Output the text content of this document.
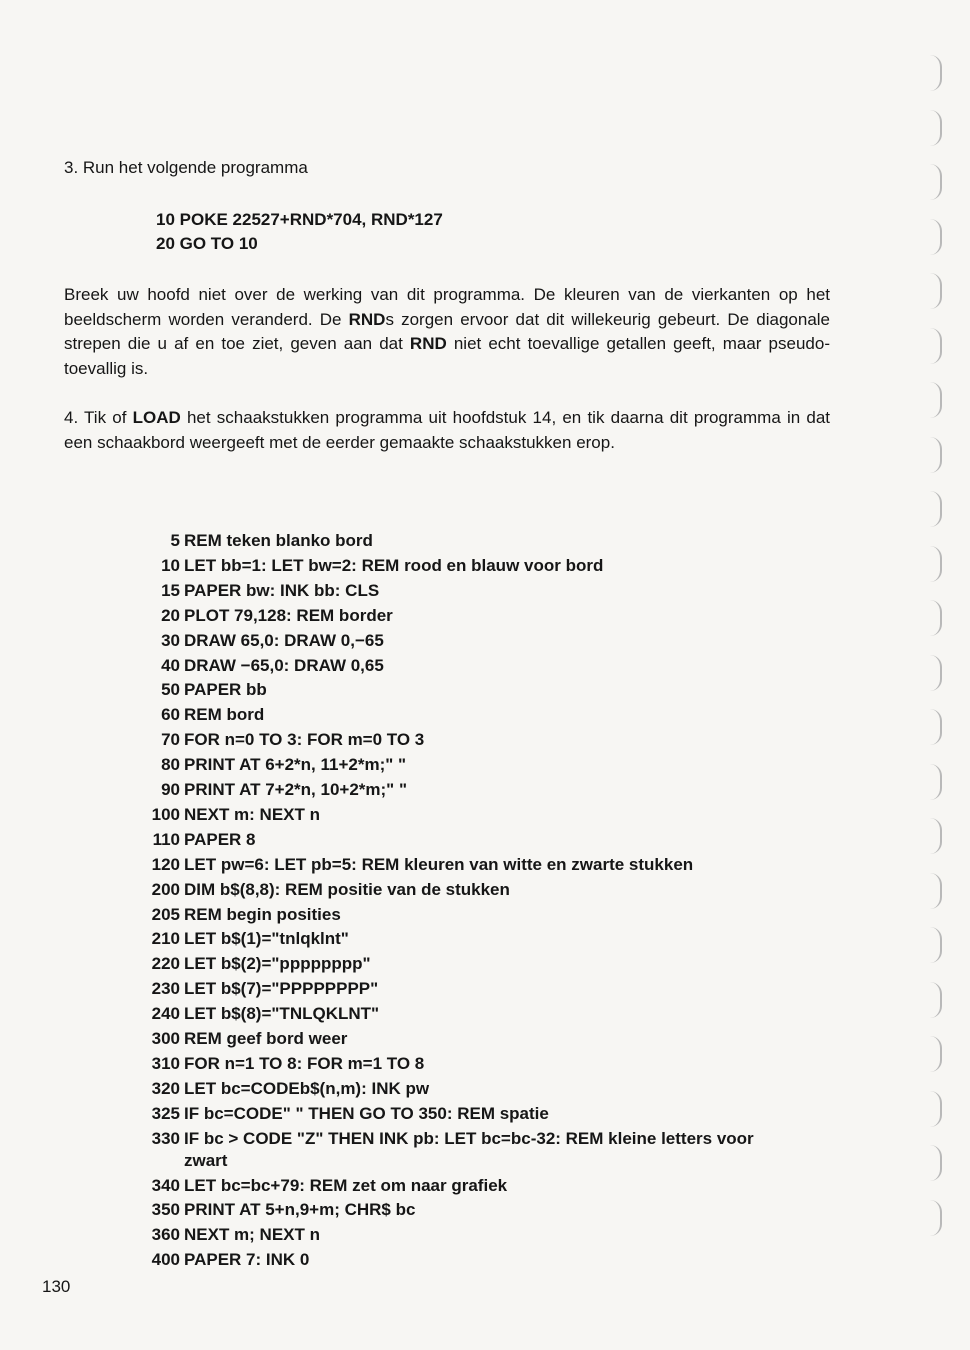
3. Run het volgende programma
10 POKE 22527+RND*704, RND*127
20 GO TO 10
Breek uw hoofd niet over de werking van dit programma. De kleuren van de vierkanten op het beeldscherm worden veranderd. De RNDs zorgen ervoor dat dit willekeurig gebeurt. De diagonale strepen die u af en toe ziet, geven aan dat RND niet echt toevallige getallen geeft, maar pseudo-toevallig is.
4. Tik of LOAD het schaakstukken programma uit hoofdstuk 14, en tik daarna dit programma in dat een schaakbord weergeeft met de eerder gemaakte schaakstukken erop.
5 REM teken blanko bord
10 LET bb=1: LET bw=2: REM rood en blauw voor bord
15 PAPER bw: INK bb: CLS
20 PLOT 79,128: REM border
30 DRAW 65,0: DRAW 0,−65
40 DRAW −65,0: DRAW 0,65
50 PAPER bb
60 REM bord
70 FOR n=0 TO 3: FOR m=0 TO 3
80 PRINT AT 6+2*n, 11+2*m;" "
90 PRINT AT 7+2*n, 10+2*m;" "
100 NEXT m: NEXT n
110 PAPER 8
120 LET pw=6: LET pb=5: REM kleuren van witte en zwarte stukken
200 DIM b$(8,8): REM positie van de stukken
205 REM begin posities
210 LET b$(1)="tnlqklnt"
220 LET b$(2)="pppppppp"
230 LET b$(7)="PPPPPPPP"
240 LET b$(8)="TNLQKLNT"
300 REM geef bord weer
310 FOR n=1 TO 8: FOR m=1 TO 8
320 LET bc=CODEb$(n,m): INK pw
325 IF bc=CODE" " THEN GO TO 350: REM spatie
330 IF bc > CODE "Z" THEN INK pb: LET bc=bc-32: REM kleine letters voor
zwart
340 LET bc=bc+79: REM zet om naar grafiek
350 PRINT AT 5+n,9+m; CHR$ bc
360 NEXT m; NEXT n
400 PAPER 7: INK 0
130
